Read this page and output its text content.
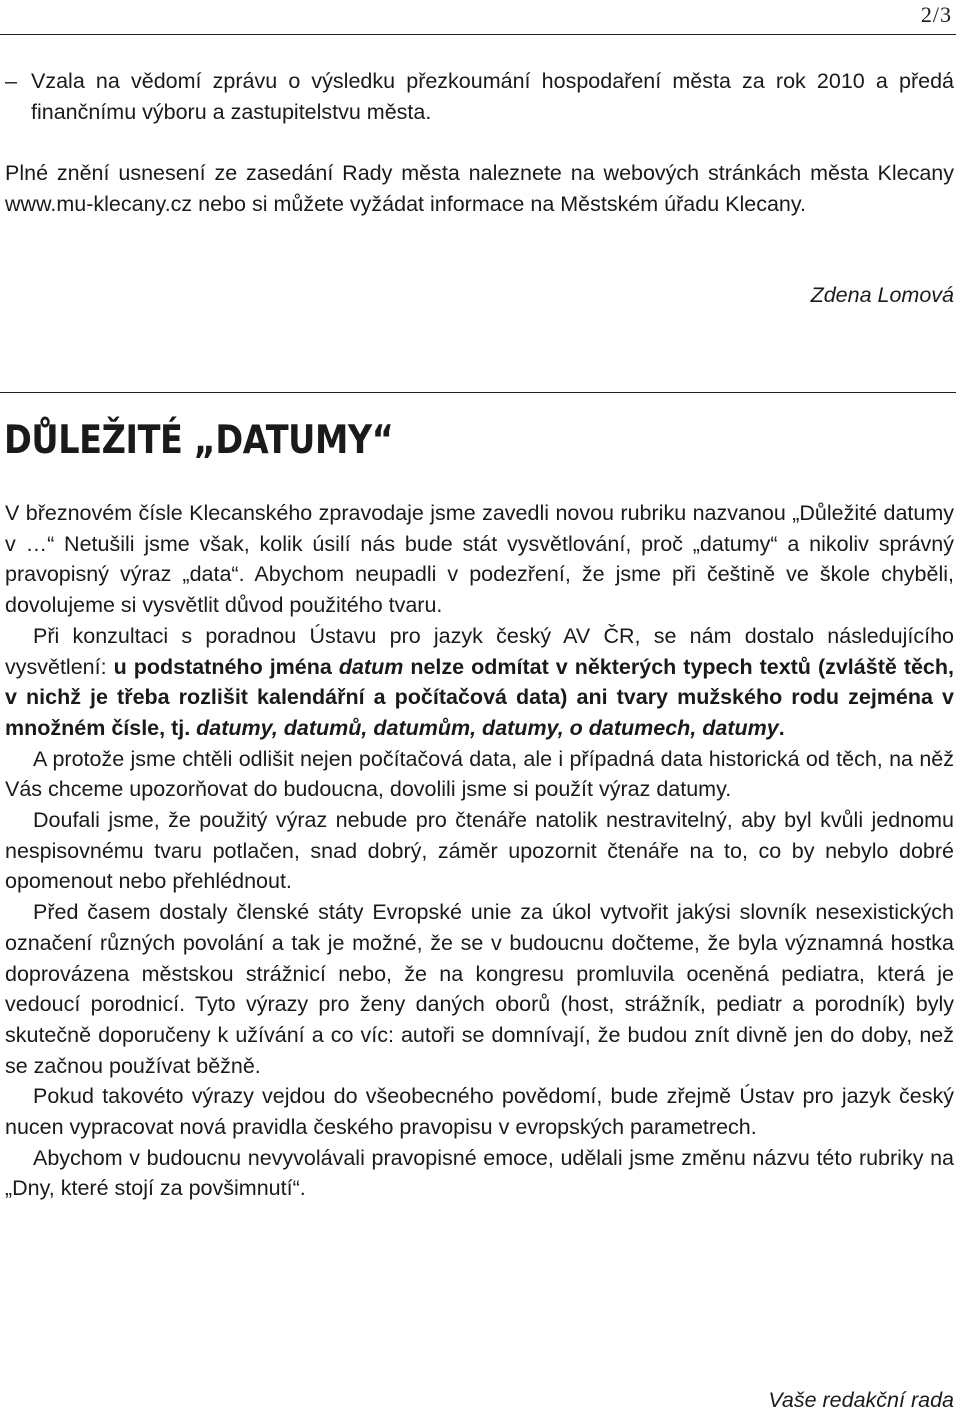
2/3
– Vzala na vědomí zprávu o výsledku přezkoumání hospodaření města za rok 2010 a předá finančnímu výboru a zastupitelstvu města.

Plné znění usnesení ze zasedání Rady města naleznete na webových stránkách města Klecany www.mu-klecany.cz nebo si můžete vyžádat informace na Městském úřadu Klecany.

Zdena Lomová
DŮLEŽITÉ „DATUMY“

V březnovém čísle Klecanského zpravodaje jsme zavedli novou rubriku nazvanou „Důležité datumy v …“ Netušili jsme však, kolik úsilí nás bude stát vysvětlování, proč „datumy“ a nikoliv správný pravopisný výraz „data“. Abychom neupadli v podezření, že jsme při češtině ve škole chyběli, dovolujeme si vysvětlit důvod použitého tvaru.

Při konzultaci s poradnou Ústavu pro jazyk český AV ČR, se nám dostalo následujícího vysvětlení: u podstatného jména datum nelze odmítat v některých typech textů (zvláště těch, v nichž je třeba rozlišit kalendářní a počítačová data) ani tvary mužského rodu zejména v množném čísle, tj. datumy, datumů, datumům, datumy, o datumech, datumy.

A protože jsme chtěli odlišit nejen počítačová data, ale i případná data historická od těch, na něž Vás chceme upozorňovat do budoucna, dovolili jsme si použít výraz datumy.

Doufali jsme, že použitý výraz nebude pro čtenáře natolik nestravitelný, aby byl kvůli jednomu nespisovnému tvaru potlačen, snad dobrý, záměr upozornit čtenáře na to, co by nebylo dobré opomenout nebo přehlédnout.

Před časem dostaly členské státy Evropské unie za úkol vytvořit jakýsi slovník nesexistických označení různých povolání a tak je možné, že se v budoucnu dočteme, že byla významná hostka doprovázena městskou strážnicí nebo, že na kongresu promluvila oceněná pediatra, která je vedoucí porodnicí. Tyto výrazy pro ženy daných oborů (host, strážník, pediatr a porodník) byly skutečně doporučeny k užívání a co víc: autoři se domnívají, že budou znít divně jen do doby, než se začnou používat běžně.

Pokud takovéto výrazy vejdou do všeobecného povědomí, bude zřejmě Ústav pro jazyk český nucen vypracovat nová pravidla českého pravopisu v evropských parametrech.

Abychom v budoucnu nevyvolávali pravopisné emoce, udělali jsme změnu názvu této rubriky na „Dny, které stojí za povšimnutí“.

Vaše redakční rada
